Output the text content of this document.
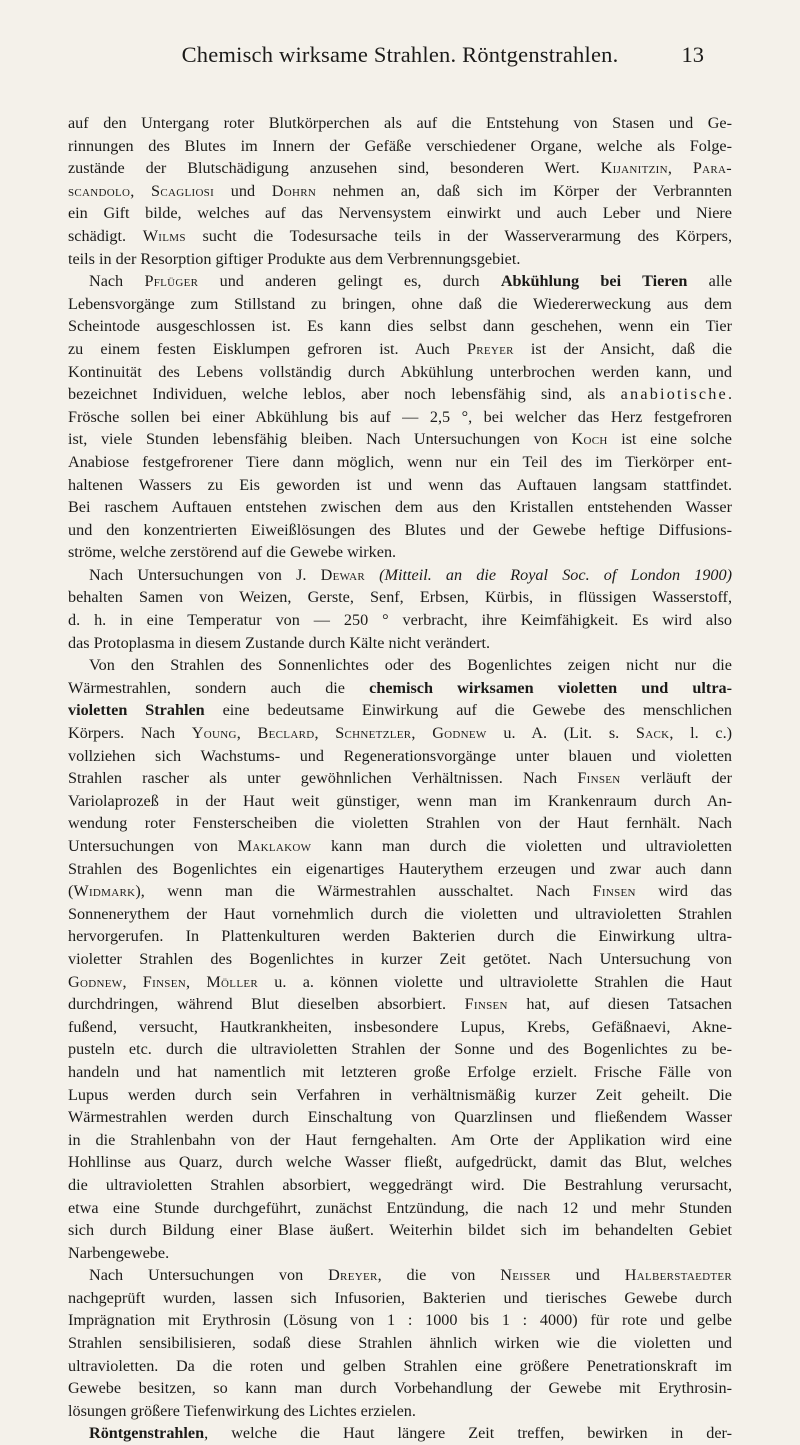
Chemisch wirksame Strahlen. Röntgenstrahlen.	13

auf den Untergang roter Blutkörperchen als auf die Entstehung von Stasen und Ge-
rinnungen des Blutes im Innern der Gefäße verschiedener Organe, welche als Folge-
zustände der Blutschädigung anzusehen sind, besonderen Wert. Kijanitzin, Para-
scandolo, Scagliosi und Dohrn nehmen an, daß sich im Körper der Verbrannten
ein Gift bilde, welches auf das Nervensystem einwirkt und auch Leber und Niere
schädigt. Wilms sucht die Todesursache teils in der Wasserverarmung des Körpers,
teils in der Resorption giftiger Produkte aus dem Verbrennungsgebiet.

Nach Pflüger und anderen gelingt es, durch Abkühlung bei Tieren alle
Lebensvorgänge zum Stillstand zu bringen, ohne daß die Wiedererweckung aus dem
Scheintode ausgeschlossen ist. Es kann dies selbst dann geschehen, wenn ein Tier
zu einem festen Eisklumpen gefroren ist. Auch Preyer ist der Ansicht, daß die
Kontinuität des Lebens vollständig durch Abkühlung unterbrochen werden kann, und
bezeichnet Individuen, welche leblos, aber noch lebensfähig sind, als anabiotische.
Frösche sollen bei einer Abkühlung bis auf — 2,5 °, bei welcher das Herz festgefroren
ist, viele Stunden lebensfähig bleiben. Nach Untersuchungen von Koch ist eine solche
Anabiose festgefrorener Tiere dann möglich, wenn nur ein Teil des im Tierkörper ent-
haltenen Wassers zu Eis geworden ist und wenn das Auftauen langsam stattfindet.
Bei raschem Auftauen entstehen zwischen dem aus den Kristallen entstehenden Wasser
und den konzentrierten Eiweißlösungen des Blutes und der Gewebe heftige Diffusions-
ströme, welche zerstörend auf die Gewebe wirken.

Nach Untersuchungen von J. Dewar (Mitteil. an die Royal Soc. of London 1900)
behalten Samen von Weizen, Gerste, Senf, Erbsen, Kürbis, in flüssigen Wasserstoff,
d. h. in eine Temperatur von — 250 ° verbracht, ihre Keimfähigkeit. Es wird also
das Protoplasma in diesem Zustande durch Kälte nicht verändert.

Von den Strahlen des Sonnenlichtes oder des Bogenlichtes zeigen nicht nur die
Wärmestrahlen, sondern auch die chemisch wirksamen violetten und ultra-
violetten Strahlen eine bedeutsame Einwirkung auf die Gewebe des menschlichen
Körpers. Nach Young, Beclard, Schnetzler, Godnew u. A. (Lit. s. Sack, l. c.)
vollziehen sich Wachstums- und Regenerationsvorgänge unter blauen und violetten
Strahlen rascher als unter gewöhnlichen Verhältnissen. Nach Finsen verläuft der
Variolaprozeß in der Haut weit günstiger, wenn man im Krankenraum durch An-
wendung roter Fensterscheiben die violetten Strahlen von der Haut fernhält. Nach
Untersuchungen von Maklakow kann man durch die violetten und ultravioletten
Strahlen des Bogenlichtes ein eigenartiges Hauterythem erzeugen und zwar auch dann
(Widmark), wenn man die Wärmestrahlen ausschaltet. Nach Finsen wird das
Sonnenerythem der Haut vornehmlich durch die violetten und ultravioletten Strahlen
hervorgerufen. In Plattenkulturen werden Bakterien durch die Einwirkung ultra-
violetter Strahlen des Bogenlichtes in kurzer Zeit getötet. Nach Untersuchung von
Godnew, Finsen, Möller u. a. können violette und ultraviolette Strahlen die Haut
durchdringen, während Blut dieselben absorbiert. Finsen hat, auf diesen Tatsachen
fußend, versucht, Hautkrankheiten, insbesondere Lupus, Krebs, Gefäßnaevi, Akne-
pusteln etc. durch die ultravioletten Strahlen der Sonne und des Bogenlichtes zu be-
handeln und hat namentlich mit letzteren große Erfolge erzielt. Frische Fälle von
Lupus werden durch sein Verfahren in verhältnismäßig kurzer Zeit geheilt. Die
Wärmestrahlen werden durch Einschaltung von Quarzlinsen und fließendem Wasser
in die Strahlenbahn von der Haut ferngehalten. Am Orte der Applikation wird eine
Hohllinse aus Quarz, durch welche Wasser fließt, aufgedrückt, damit das Blut, welches
die ultravioletten Strahlen absorbiert, weggedrängt wird. Die Bestrahlung verursacht,
etwa eine Stunde durchgeführt, zunächst Entzündung, die nach 12 und mehr Stunden
sich durch Bildung einer Blase äußert. Weiterhin bildet sich im behandelten Gebiet
Narbengewebe.

Nach Untersuchungen von Dreyer, die von Neisser und Halberstaedter
nachgeprüft wurden, lassen sich Infusorien, Bakterien und tierisches Gewebe durch
Imprägnation mit Erythrosin (Lösung von 1 : 1000 bis 1 : 4000) für rote und gelbe
Strahlen sensibilisieren, sodaß diese Strahlen ähnlich wirken wie die violetten und
ultravioletten. Da die roten und gelben Strahlen eine größere Penetrationskraft im
Gewebe besitzen, so kann man durch Vorbehandlung der Gewebe mit Erythrosin-
lösungen größere Tiefenwirkung des Lichtes erzielen.

Röntgenstrahlen, welche die Haut längere Zeit treffen, bewirken in der-
